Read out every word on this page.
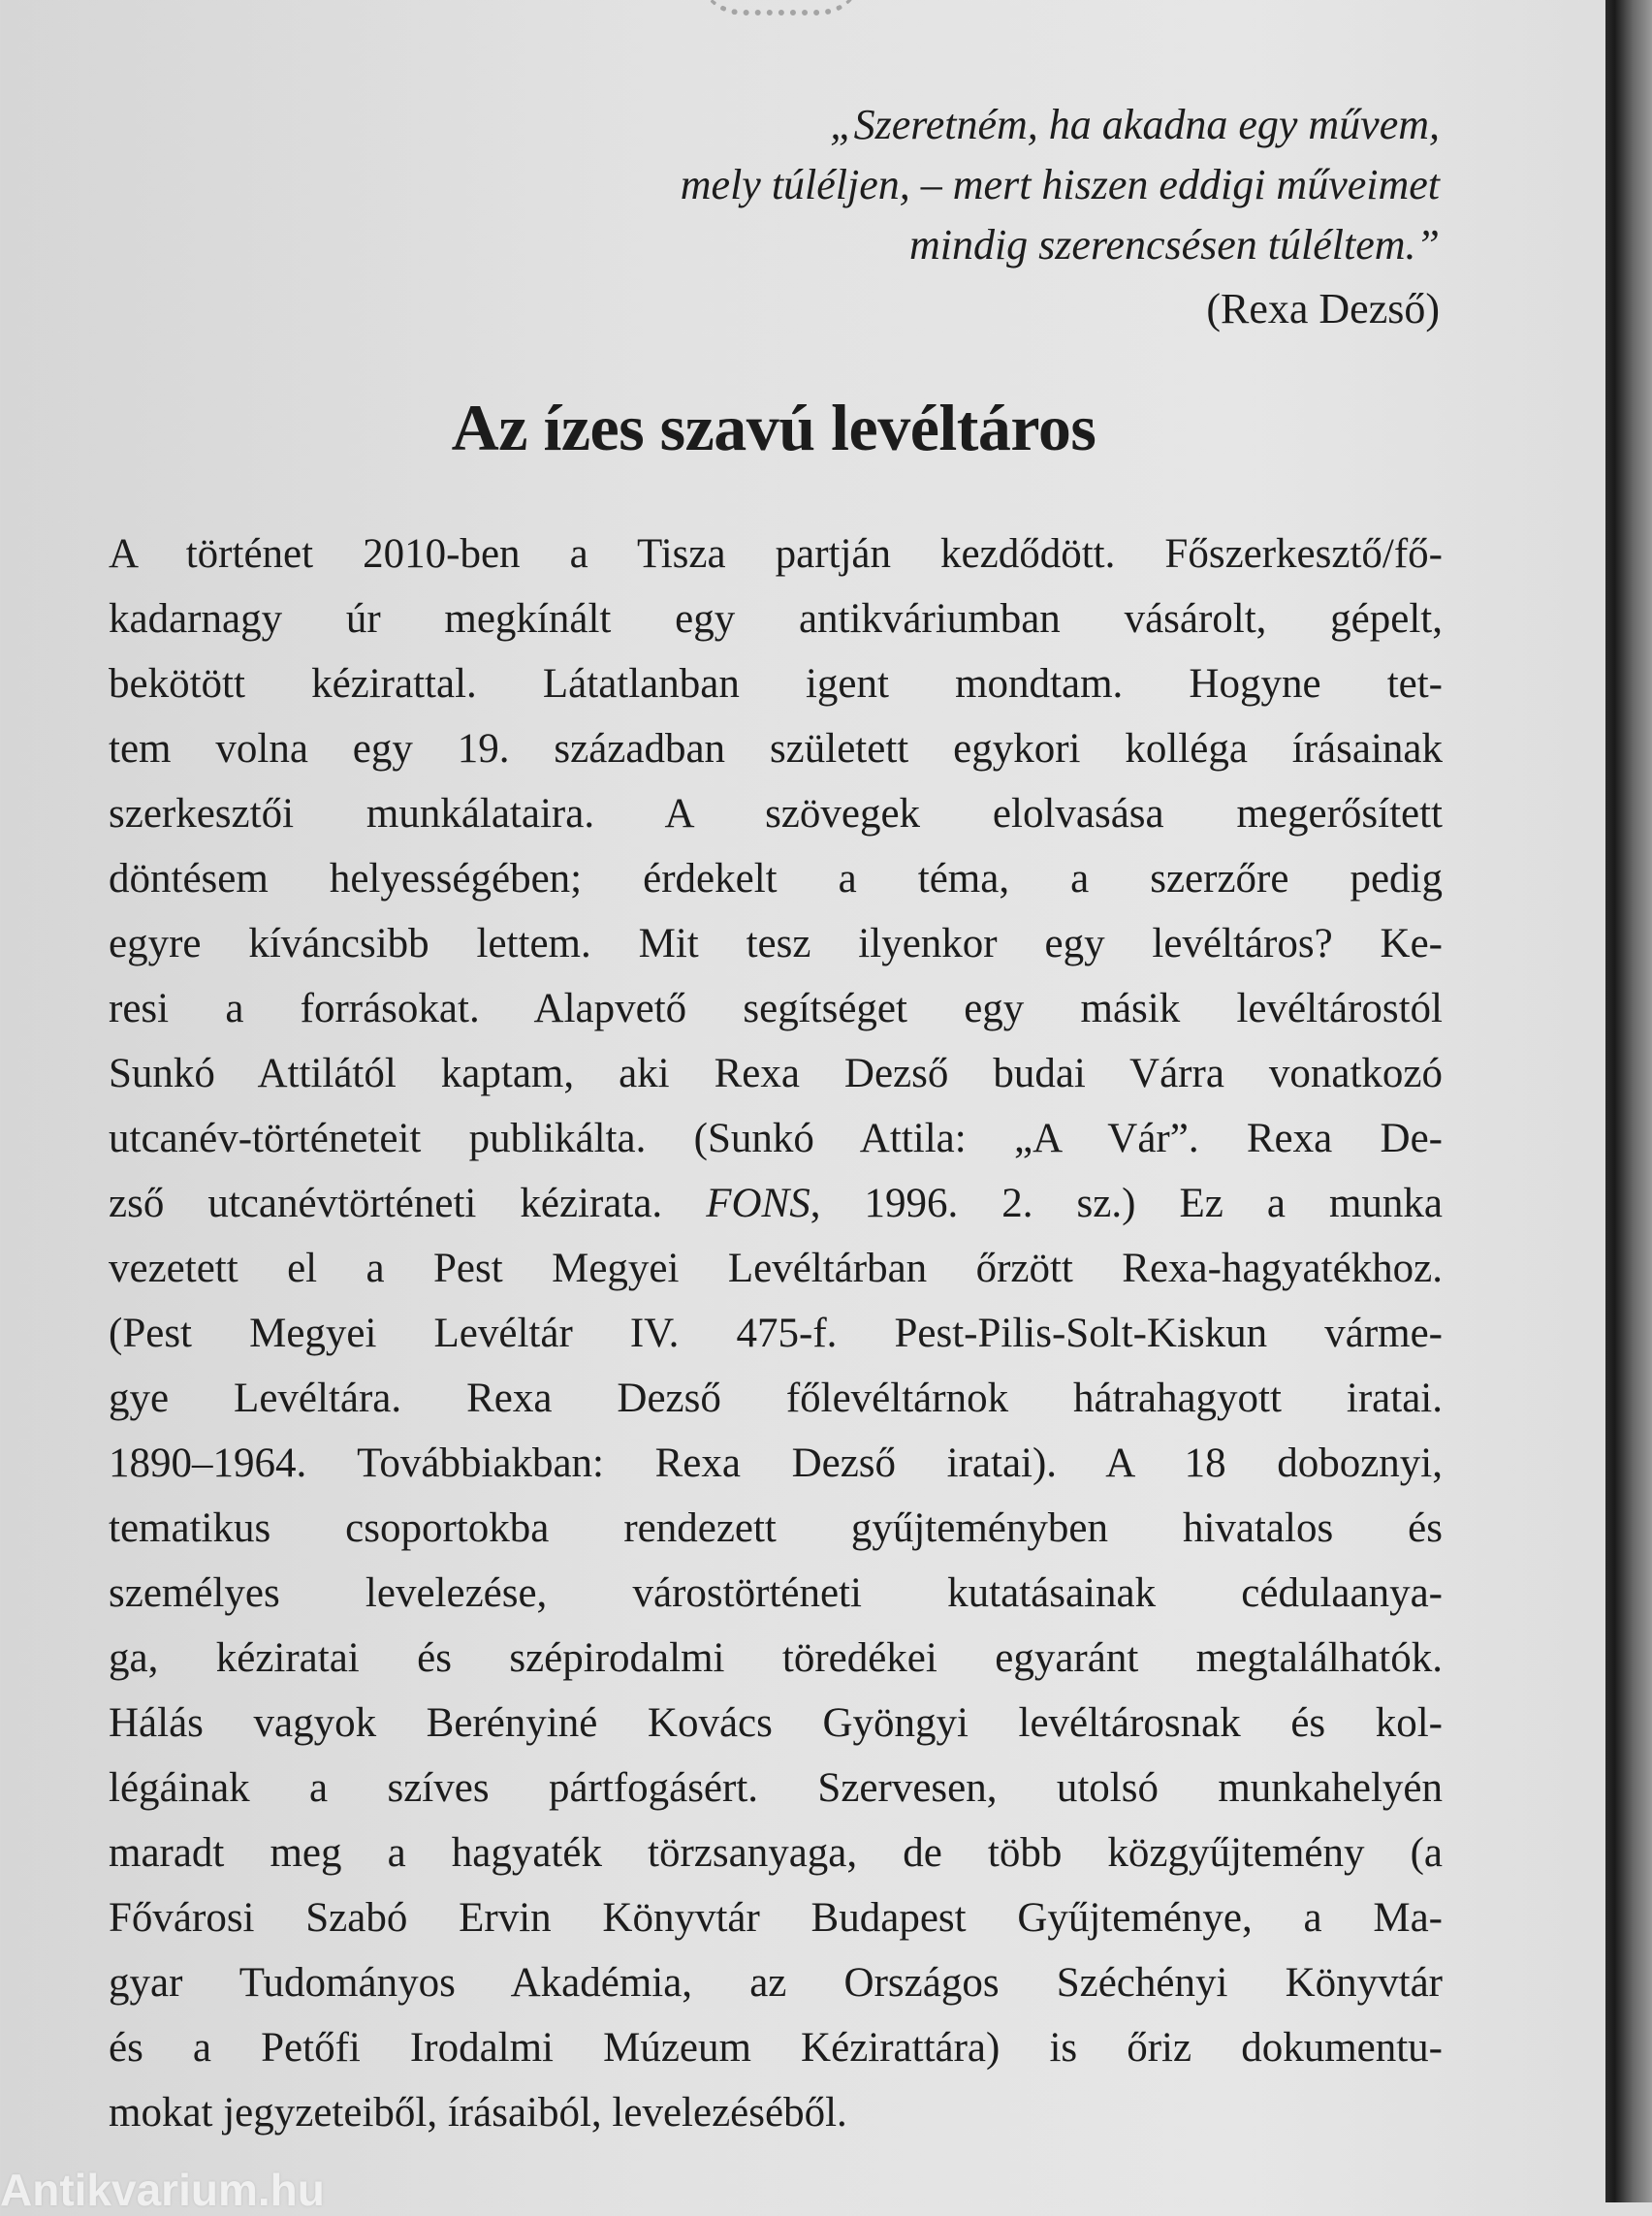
„Szeretném, ha akadna egy művem,
mely túléljen, – mert hiszen eddigi műveimet
mindig szerencsésen túléltem.”
(Rexa Dezső)
Az ízes szavú levéltáros
A történet 2010-ben a Tisza partján kezdődött. Főszerkesztő/fő-
kadarnagy úr megkínált egy antikváriumban vásárolt, gépelt,
bekötött kézirattal. Látatlanban igent mondtam. Hogyne tet-
tem volna egy 19. században született egykori kolléga írásainak
szerkesztői munkálataira. A szövegek elolvasása megerősített
döntésem helyességében; érdekelt a téma, a szerzőre pedig
egyre kíváncsibb lettem. Mit tesz ilyenkor egy levéltáros? Ke-
resi a forrásokat. Alapvető segítséget egy másik levéltárostól
Sunkó Attilától kaptam, aki Rexa Dezső budai Várra vonatkozó
utcanév-történeteit publikálta. (Sunkó Attila: „A Vár”. Rexa De-
zső utcanévtörténeti kézirata. FONS, 1996. 2. sz.) Ez a munka
vezetett el a Pest Megyei Levéltárban őrzött Rexa-hagyatékhoz.
(Pest Megyei Levéltár IV. 475-f. Pest-Pilis-Solt-Kiskun várme-
gye Levéltára. Rexa Dezső főlevéltárnok hátrahagyott iratai.
1890–1964. Továbbiakban: Rexa Dezső iratai). A 18 doboznyi,
tematikus csoportokba rendezett gyűjteményben hivatalos és
személyes levelezése, várostörténeti kutatásainak cédulaanya-
ga, kéziratai és szépirodalmi töredékei egyaránt megtalálhatók.
Hálás vagyok Berényiné Kovács Gyöngyi levéltárosnak és kol-
légáinak a szíves pártfogásért. Szervesen, utolsó munkahelyén
maradt meg a hagyaték törzsanyaga, de több közgyűjtemény (a
Fővárosi Szabó Ervin Könyvtár Budapest Gyűjteménye, a Ma-
gyar Tudományos Akadémia, az Országos Széchényi Könyvtár
és a Petőfi Irodalmi Múzeum Kézirattára) is őriz dokumentu-
mokat jegyzeteiből, írásaiból, levelezéséből.
Antikvarium.hu
